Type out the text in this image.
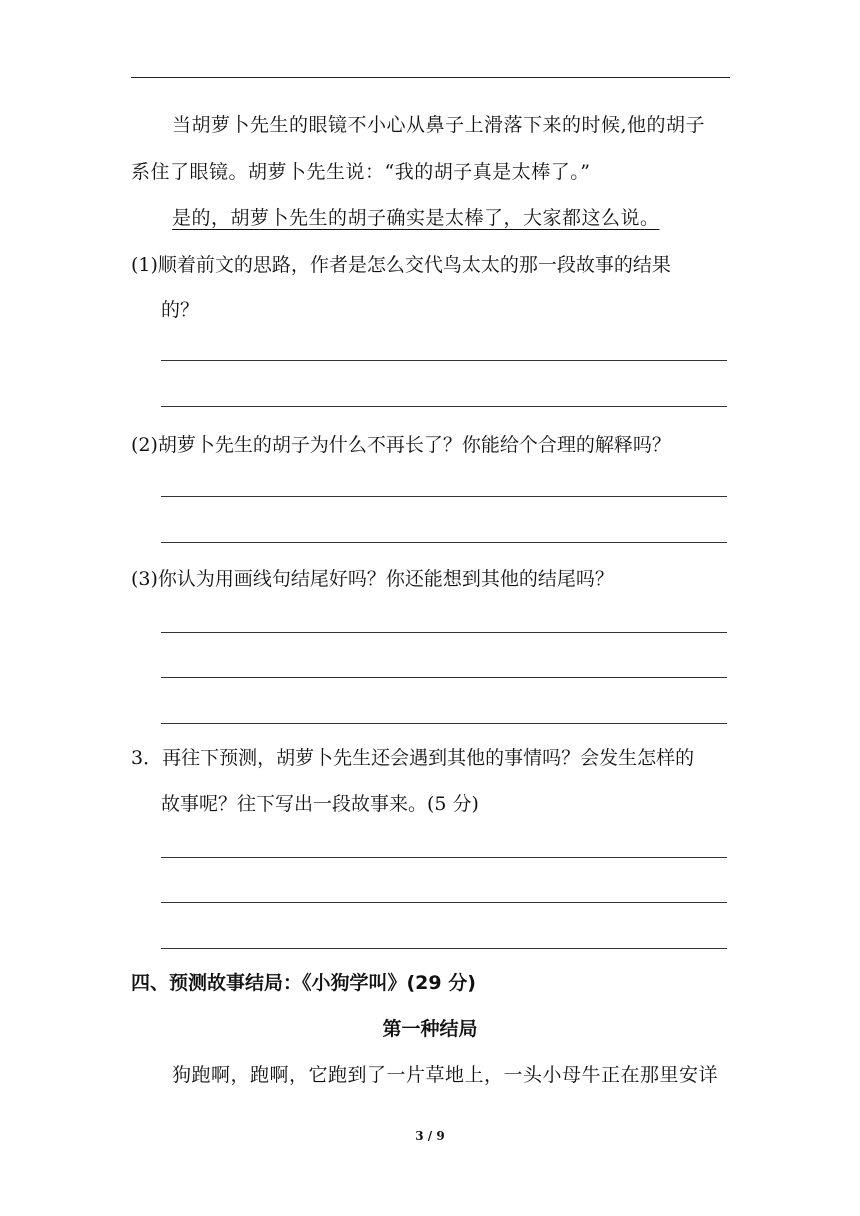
当胡萝卜先生的眼镜不小心从鼻子上滑落下来的时候,他的胡子
系住了眼镜。胡萝卜先生说：“我的胡子真是太棒了。”
是的，胡萝卜先生的胡子确实是太棒了，大家都这么说。
(1)顺着前文的思路，作者是怎么交代鸟太太的那一段故事的结果
的？
(2)胡萝卜先生的胡子为什么不再长了？你能给个合理的解释吗？
(3)你认为用画线句结尾好吗？你还能想到其他的结尾吗？
3．再往下预测，胡萝卜先生还会遇到其他的事情吗？会发生怎样的
故事呢？往下写出一段故事来。(5 分)
四、预测故事结局：《小狗学叫》(29 分)
第一种结局
狗跑啊，跑啊，它跑到了一片草地上，一头小母牛正在那里安详
3 / 9
